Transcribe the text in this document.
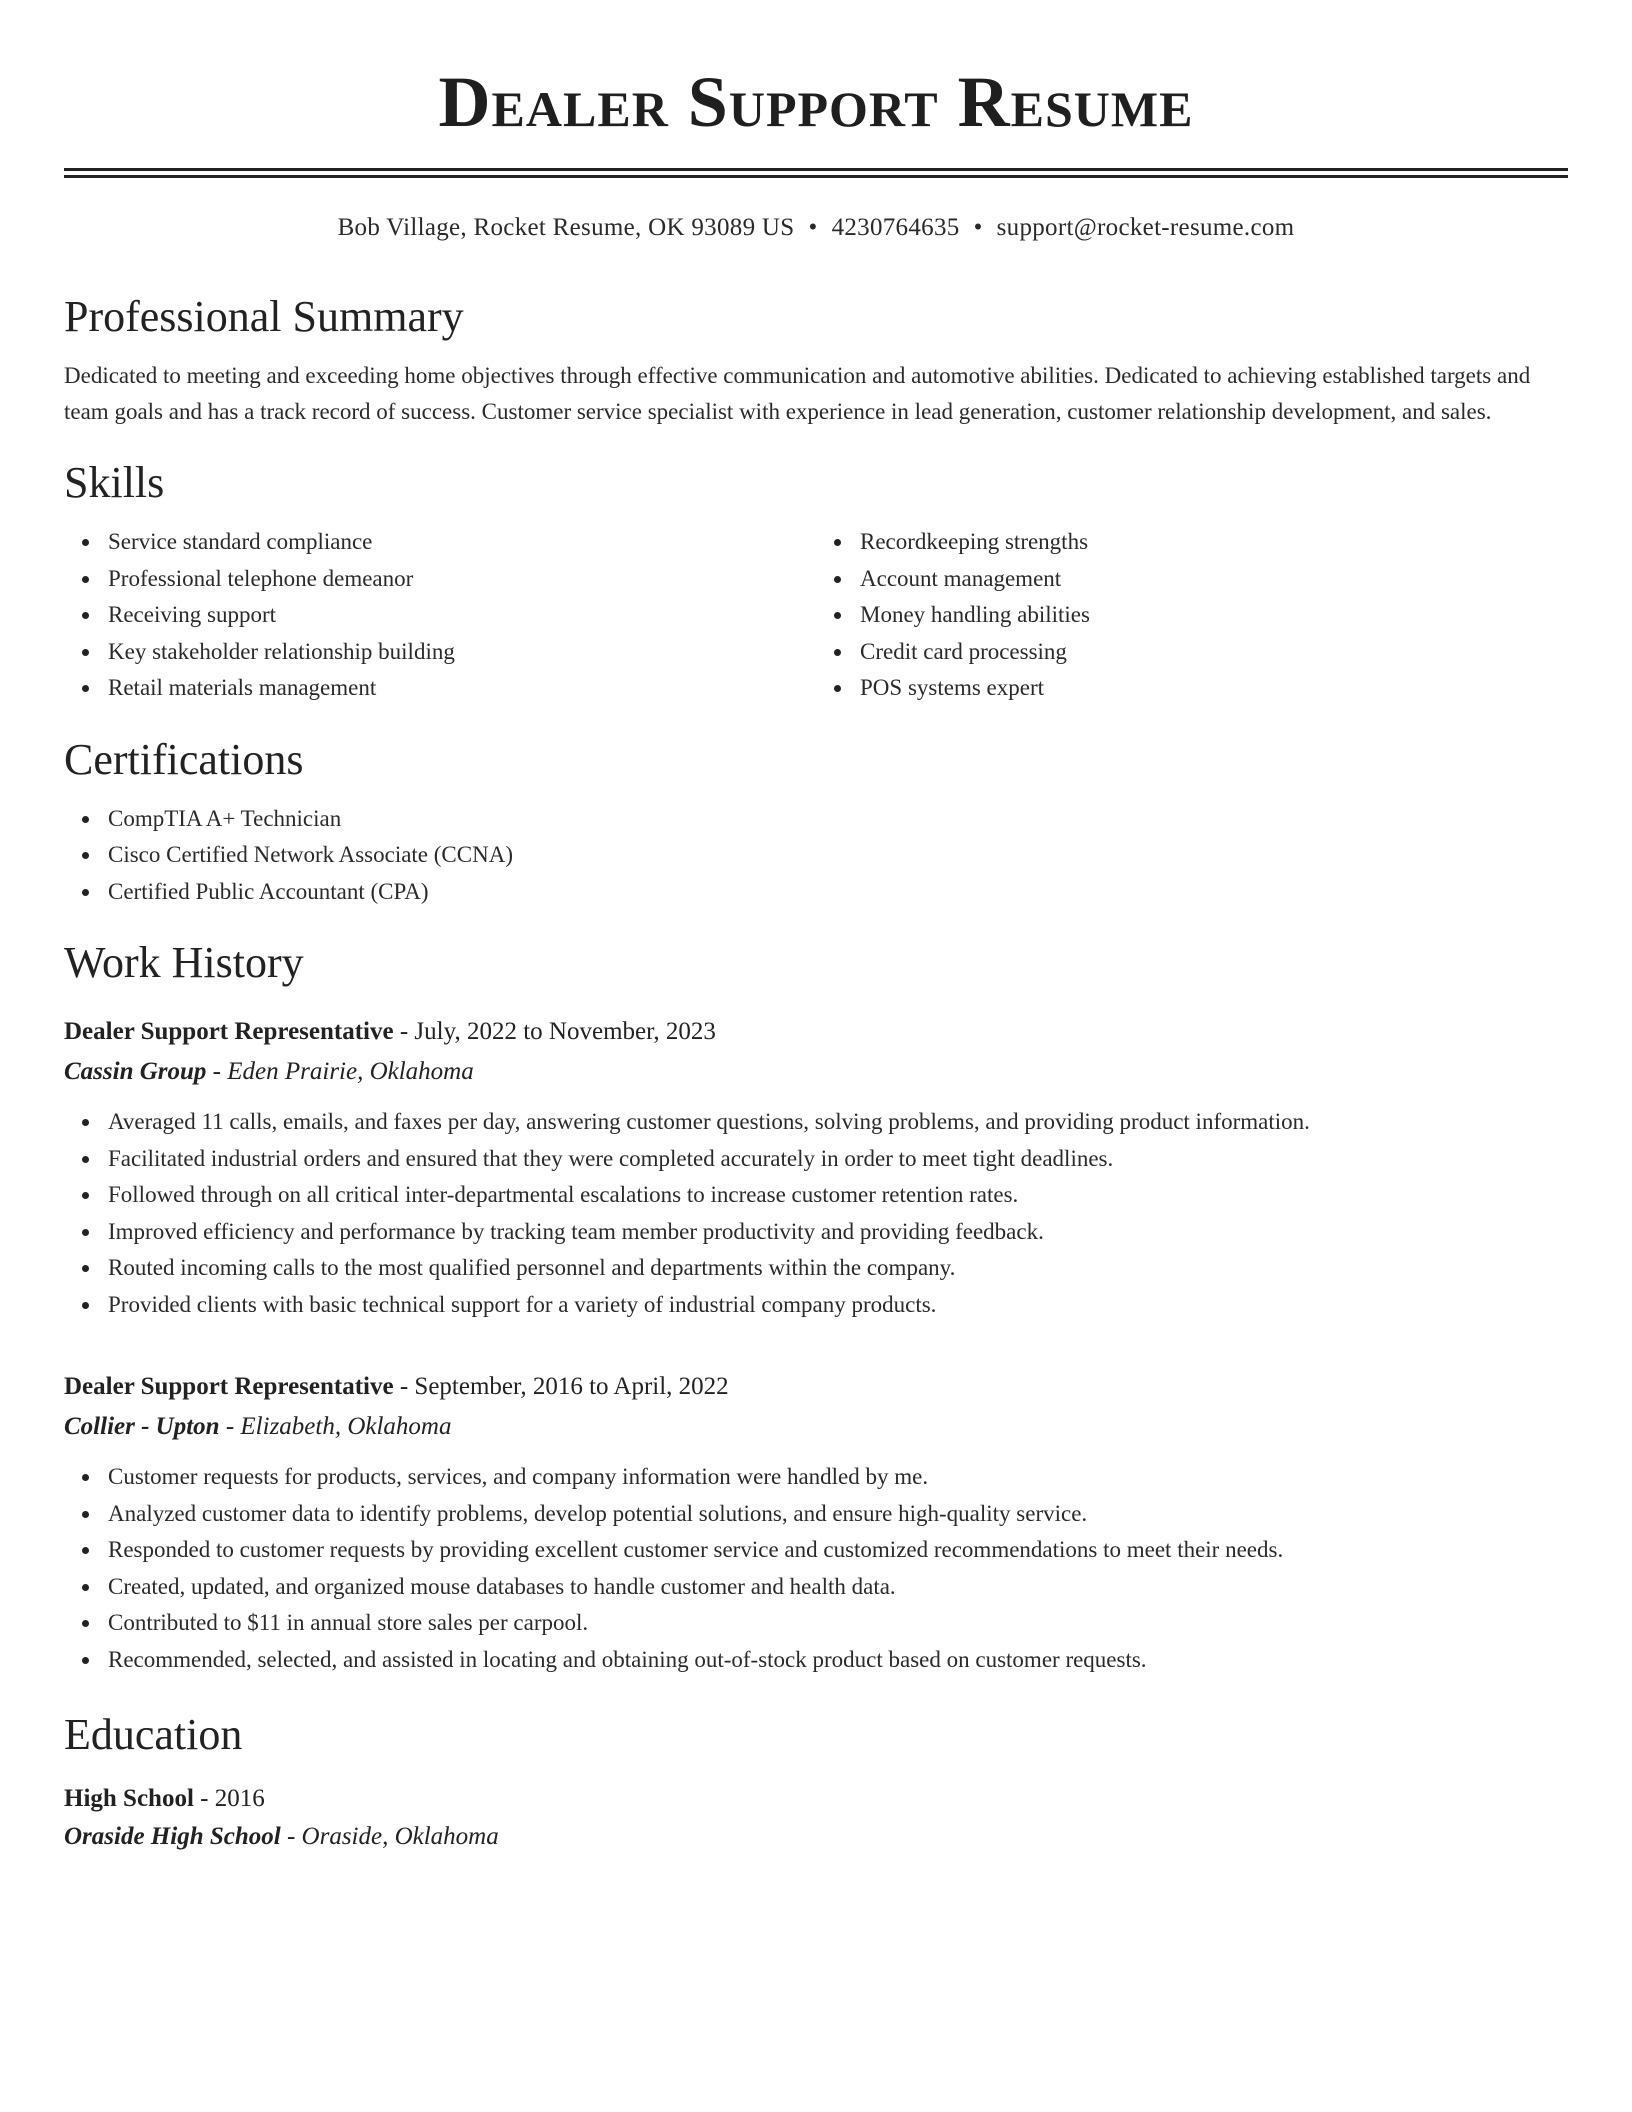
Dealer Support Resume
Bob Village, Rocket Resume, OK 93089 US • 4230764635 • support@rocket-resume.com
Professional Summary

Dedicated to meeting and exceeding home objectives through effective communication and automotive abilities. Dedicated to achieving established targets and team goals and has a track record of success. Customer service specialist with experience in lead generation, customer relationship development, and sales.

Skills
Service standard compliance
Professional telephone demeanor
Receiving support
Key stakeholder relationship building
Retail materials management
Recordkeeping strengths
Account management
Money handling abilities
Credit card processing
POS systems expert
Certifications
CompTIA A+ Technician
Cisco Certified Network Associate (CCNA)
Certified Public Accountant (CPA)
Work History
Dealer Support Representative - July, 2022 to November, 2023
Cassin Group - Eden Prairie, Oklahoma
Averaged 11 calls, emails, and faxes per day, answering customer questions, solving problems, and providing product information.
Facilitated industrial orders and ensured that they were completed accurately in order to meet tight deadlines.
Followed through on all critical inter-departmental escalations to increase customer retention rates.
Improved efficiency and performance by tracking team member productivity and providing feedback.
Routed incoming calls to the most qualified personnel and departments within the company.
Provided clients with basic technical support for a variety of industrial company products.
Dealer Support Representative - September, 2016 to April, 2022
Collier - Upton - Elizabeth, Oklahoma
Customer requests for products, services, and company information were handled by me.
Analyzed customer data to identify problems, develop potential solutions, and ensure high-quality service.
Responded to customer requests by providing excellent customer service and customized recommendations to meet their needs.
Created, updated, and organized mouse databases to handle customer and health data.
Contributed to $11 in annual store sales per carpool.
Recommended, selected, and assisted in locating and obtaining out-of-stock product based on customer requests.
Education
High School - 2016
Oraside High School - Oraside, Oklahoma
